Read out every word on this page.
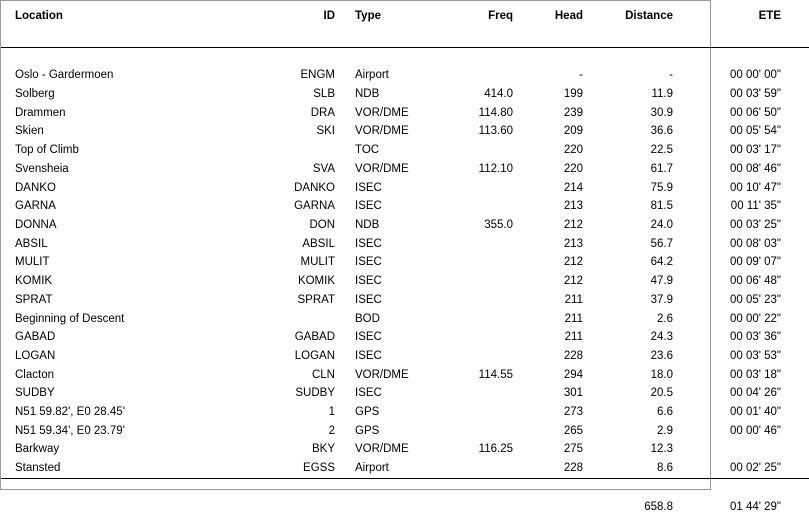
Location	ID	Type	Freq	Head	Distance	ETE

Oslo - Gardermoen	ENGM	Airport		-	-	00 00' 00"
Solberg	SLB	NDB	414.0	199	11.9	00 03' 59"
Drammen	DRA	VOR/DME	114.80	239	30.9	00 06' 50"
Skien	SKI	VOR/DME	113.60	209	36.6	00 05' 54"
Top of Climb		TOC		220	22.5	00 03' 17"
Svensheia	SVA	VOR/DME	112.10	220	61.7	00 08' 46"
DANKO	DANKO	ISEC		214	75.9	00 10' 47"
GARNA	GARNA	ISEC		213	81.5	00 11' 35"
DONNA	DON	NDB	355.0	212	24.0	00 03' 25"
ABSIL	ABSIL	ISEC		213	56.7	00 08' 03"
MULIT	MULIT	ISEC		212	64.2	00 09' 07"
KOMIK	KOMIK	ISEC		212	47.9	00 06' 48"
SPRAT	SPRAT	ISEC		211	37.9	00 05' 23"
Beginning of Descent		BOD		211	2.6	00 00' 22"
GABAD	GABAD	ISEC		211	24.3	00 03' 36"
LOGAN	LOGAN	ISEC		228	23.6	00 03' 53"
Clacton	CLN	VOR/DME	114.55	294	18.0	00 03' 18"
SUDBY	SUDBY	ISEC		301	20.5	00 04' 26"
N51 59.82', E0 28.45'	1	GPS		273	6.6	00 01' 40"
N51 59.34', E0 23.79'	2	GPS		265	2.9	00 00' 46"
Barkway	BKY	VOR/DME	116.25	275	12.3	
Stansted	EGSS	Airport		228	8.6	00 02' 25"

					658.8	01 44' 29"
